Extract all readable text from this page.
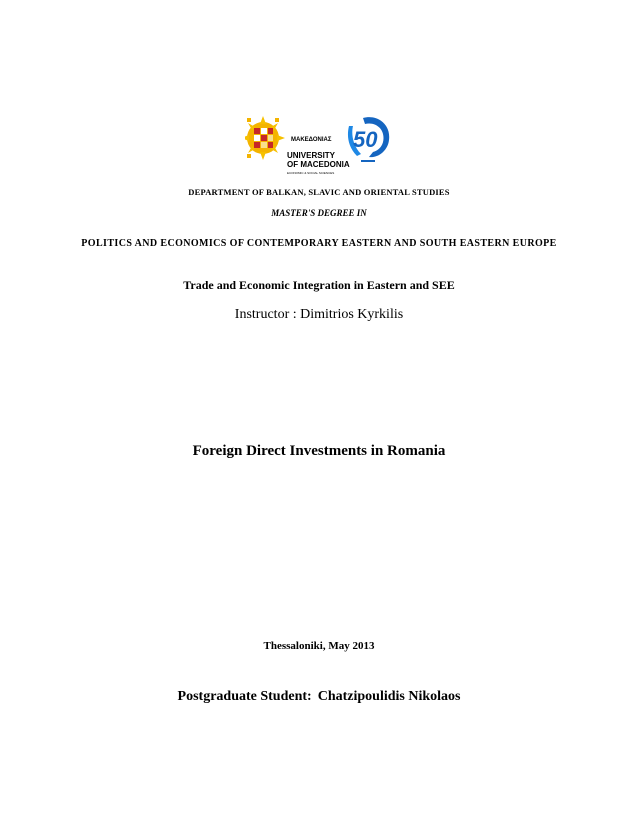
ΜΑΚΕΔΟΝΙΑΣ
UNIVERSITY
OF MACEDONIA
ECONOMIC & SOCIAL SCIENCES
50
DEPARTMENT OF BALKAN, SLAVIC AND ORIENTAL STUDIES
MASTER'S DEGREE IN
POLITICS AND ECONOMICS OF CONTEMPORARY EASTERN AND SOUTH EASTERN EUROPE
Trade and Economic Integration in Eastern and SEE
Instructor : Dimitrios Kyrkilis
Foreign Direct Investments in Romania
Thessaloniki, May 2013
Postgraduate Student: Chatzipoulidis Nikolaos
